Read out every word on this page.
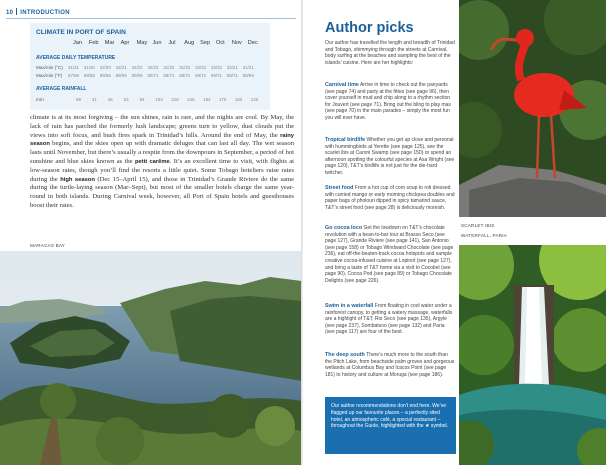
10 INTRODUCTION
CLIMATE IN PORT OF SPAIN
Jan	Feb	Mar	Apr	May Jun	Jul	Aug	Sep	Oct	Nov	Dec
AVERAGE DAILY TEMPERATURE
Max/min (°C) 31/21	31/20	32/20	32/21	32/22	32/22	31/22	31/22	32/22	32/22	32/21	31/21
Max/min (°F) 87/69	88/68	89/68	89/69	90/69	90/71	88/71	88/71	89/71	89/71	89/71	88/69
AVERAGE RAINFALL
mm	69	41	46	53	94	193	218	246	193	170	183	125
climate is at its most forgiving – the sun shines, rain is rare, and the nights are cool. By May, the lack of rain has parched the formerly lush landscape; greens turn to yellow, dust clouds put the views into soft focus, and bush fires spark in Trinidad’s hills. Around the end of May, the rainy season begins, and the skies open up with dramatic deluges that can last all day. The wet season lasts until November, but there’s usually a respite from the downpours in September, a period of hot sunshine and blue skies known as the petit carême. It’s an excellent time to visit, with flights at low-season rates, though you’ll find the resorts a little quiet. Some Tobago hoteliers raise rates during the high season (Dec 15–April 15), and those in Trinidad’s Grande Riviere do the same during the turtle-laying season (Mar–Sept), but most of the smaller hotels charge the same year-round in both islands. During Carnival week, however, all Port of Spain hotels and guesthouses boost their rates.
MARACAS BAY
Author picks
Our author has travelled the length and breadth of Trinidad and Tobago, shimmying through the streets at Carnival, body surfing at the beaches and sampling the best of the islands’ cuisine. Here are her highlights:
Carnival time Arrive in time to check out the panyards (see page 74) and party at the fêtes (see page 96), then cover yourself in mud and chip along to a rhythm section for Jouvert (see page 71). Bring out the bling to play mas (see page 70) in the main parades – simply the most fun you will ever have.
Tropical birdlife Whether you get up close and personal with hummingbirds at Yerette (see page 125), see the scarlet ibis at Caroni Swamp (see page 150) or spend an afternoon spotting the colourful species at Asa Wright (see page 120), T&T’s birdlife is not just for the die-hard twitcher.
Street food From a hot cup of corn soup to roti dressed with curried mango or early morning chickpea doubles and paper bags of pholouri dipped in spicy tamarind sauce, T&T’s street food (see page 28) is deliciously moreish.
Go cocoa loco Get the lowdown on T&T’s chocolate revolution with a bean-to-bar tour at Brasso Seco (see page 127), Grande Riviere (see page 141), San Antonio (see page 158) or Tobago Windward Chocolate (see page 236), eat off-the-beaten-track cocoa hotspots and sample creative cocoa-infused cuisine at Lopinot (see page 127), and bring a taste of T&T home via a visit to Cocobel (see page 90), Cocoa Pod (see page 89) or Tobago Chocolate Delights (see page 226).
Swim in a waterfall From floating in cool water under a rainforest canopy, to getting a watery massage, waterfalls are a highlight of T&T; Rio Seco (see page 135), Argyle (see page 237), Sombatsoo (see page 132) and Paria (see page 117) are four of the best.
The deep south There’s much more to the south than the Pitch Lake, from beachside palm groves and gorgeous wetlands at Columbus Bay and Icacos Point (see page 181) to history and culture at Moruga (see page 186).
Our author recommendations don’t end here. We’ve flagged up our favourite places – a perfectly sited hotel, an atmospheric café, a special restaurant – throughout the Guide, highlighted with the ★ symbol.
SCARLET IBIS
WATERFALL, PARIA
